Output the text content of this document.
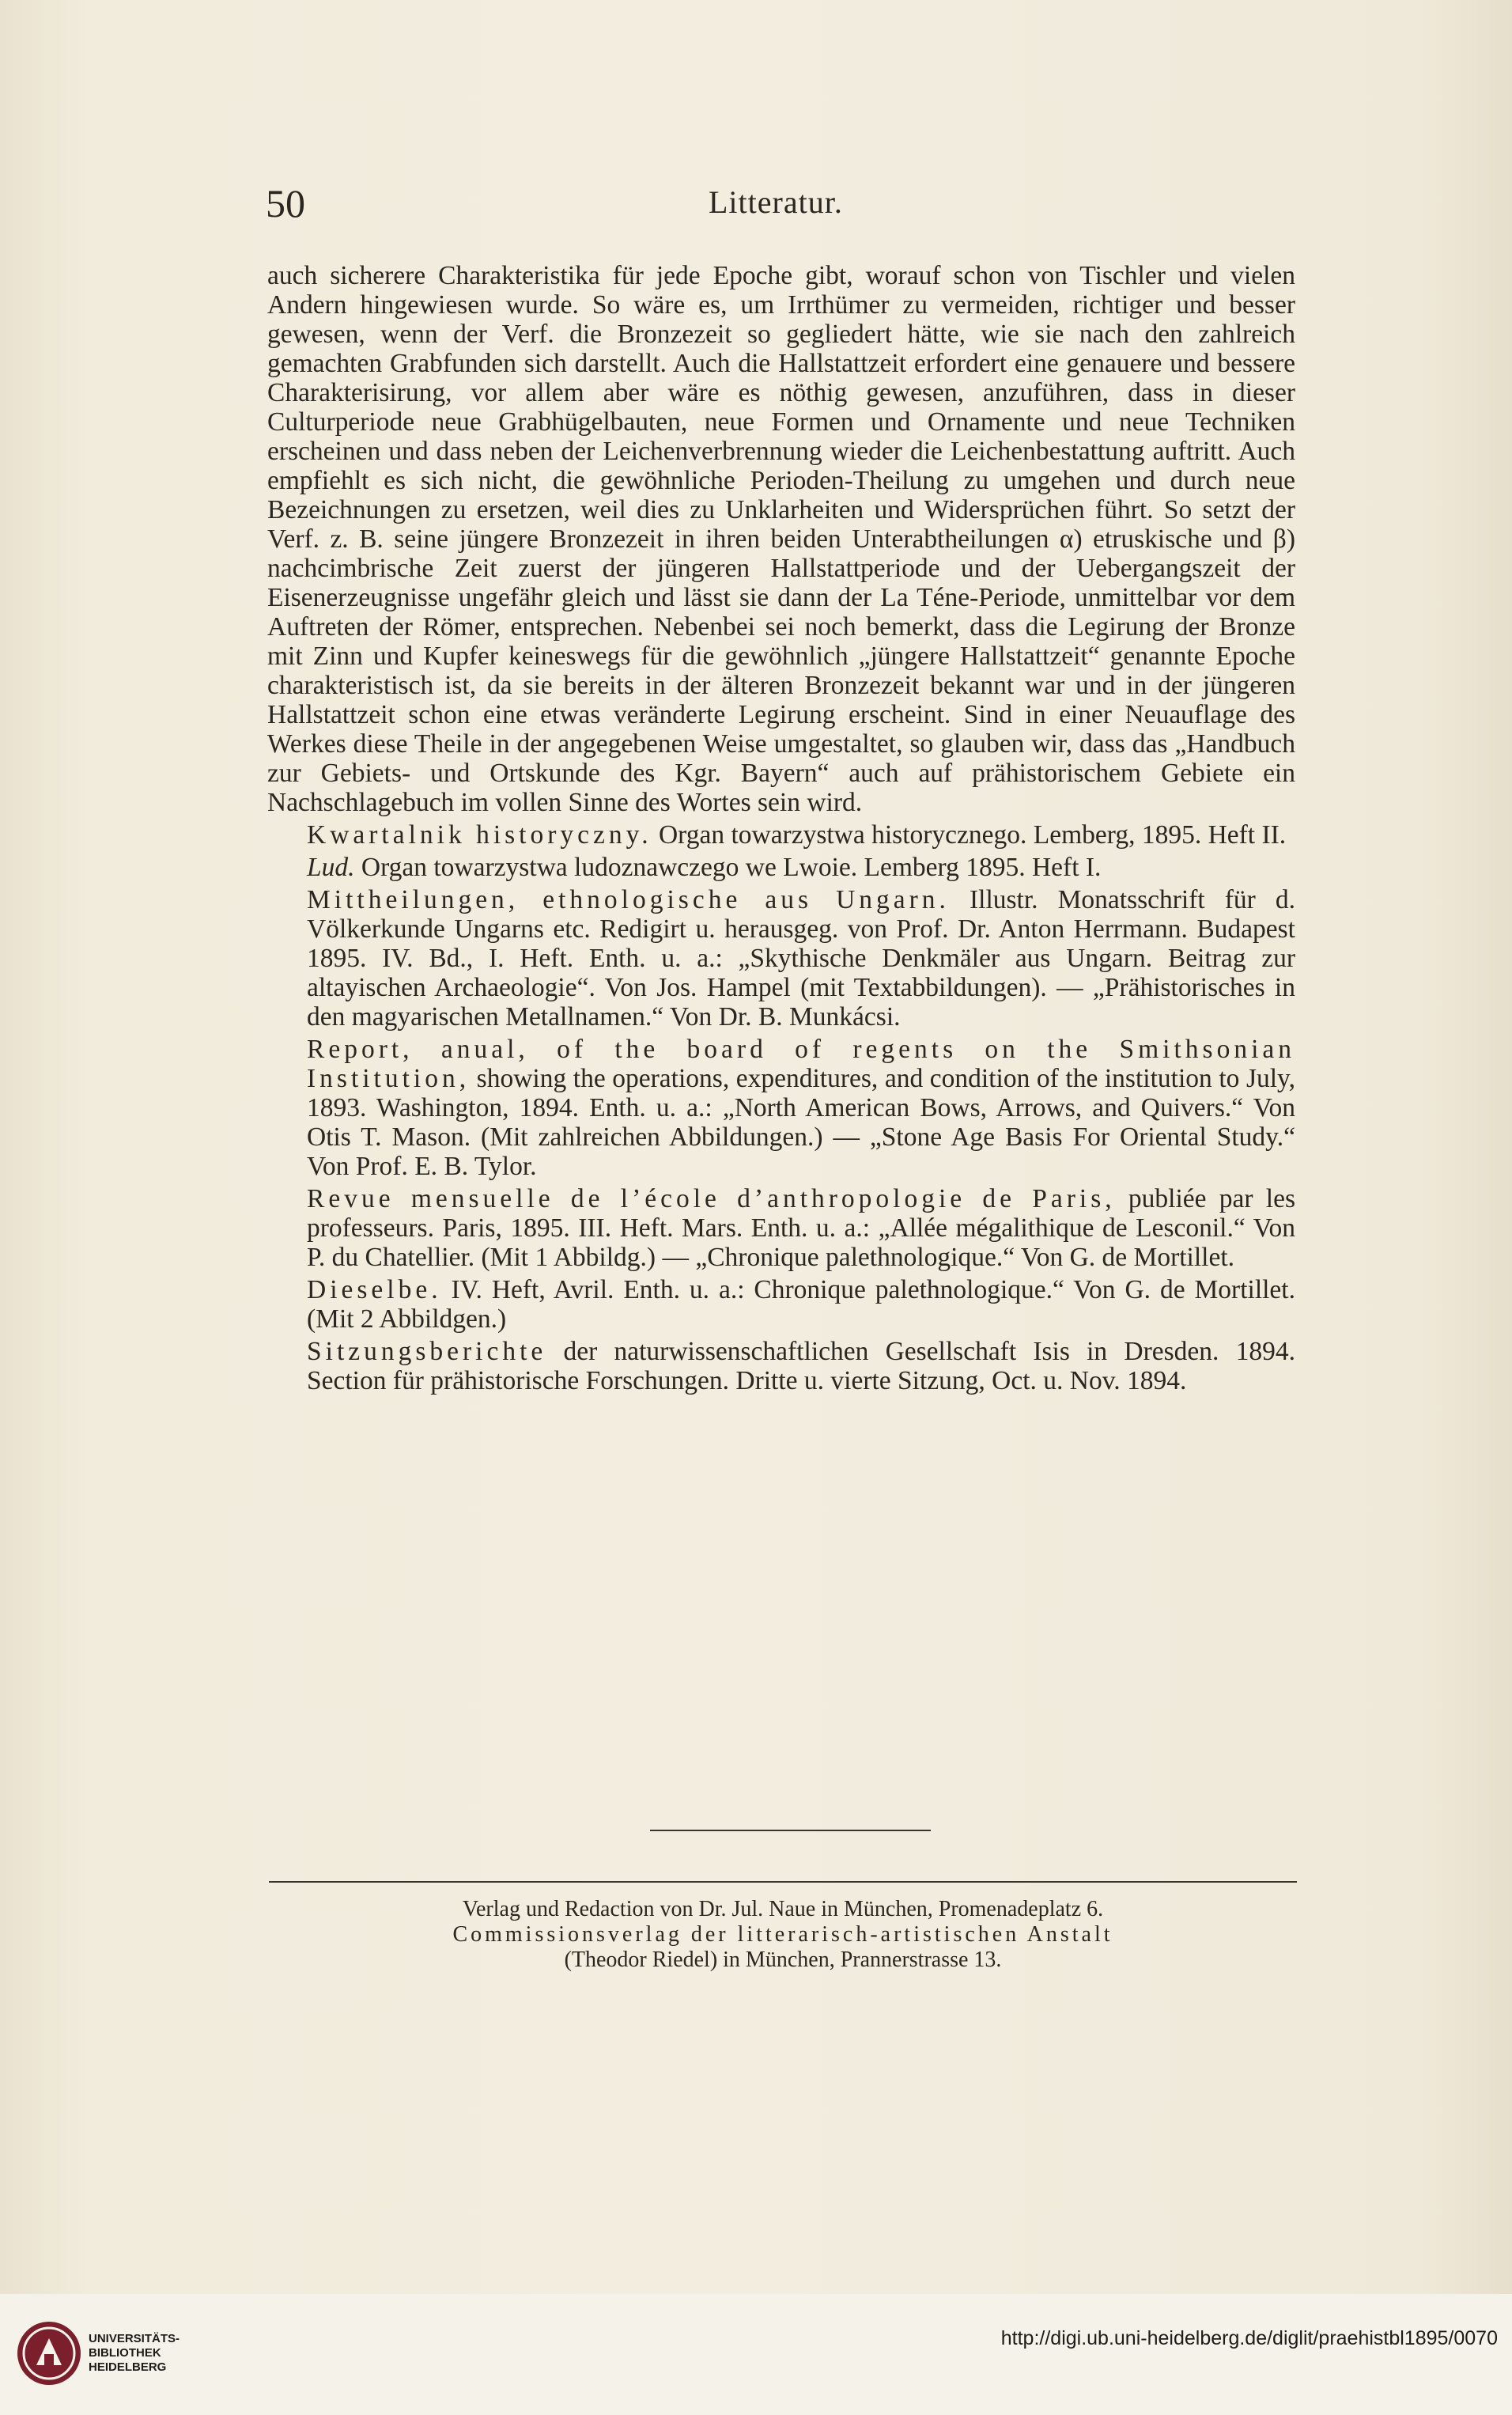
50	Litteratur.

auch sicherere Charakteristika für jede Epoche gibt, worauf schon von Tischler und vielen Andern hingewiesen wurde. So wäre es, um Irrthümer zu vermeiden, richtiger und besser gewesen, wenn der Verf. die Bronzezeit so gegliedert hätte, wie sie nach den zahlreich gemachten Grabfunden sich darstellt. Auch die Hallstattzeit erfordert eine genauere und bessere Charakterisirung, vor allem aber wäre es nöthig gewesen, anzuführen, dass in dieser Culturperiode neue Grabhügelbauten, neue Formen und Ornamente und neue Techniken erscheinen und dass neben der Leichenverbrennung wieder die Leichenbestattung auftritt. Auch empfiehlt es sich nicht, die gewöhnliche Perioden-Theilung zu umgehen und durch neue Bezeichnungen zu ersetzen, weil dies zu Unklarheiten und Widersprüchen führt. So setzt der Verf. z. B. seine jüngere Bronzezeit in ihren beiden Unterabtheilungen α) etruskische und β) nachcimbrische Zeit zuerst der jüngeren Hallstattperiode und der Uebergangszeit der Eisenerzeugnisse ungefähr gleich und lässt sie dann der La Téne-Periode, unmittelbar vor dem Auftreten der Römer, entsprechen. Nebenbei sei noch bemerkt, dass die Legirung der Bronze mit Zinn und Kupfer keineswegs für die gewöhnlich „jüngere Hallstattzeit“ genannte Epoche charakteristisch ist, da sie bereits in der älteren Bronzezeit bekannt war und in der jüngeren Hallstattzeit schon eine etwas veränderte Legirung erscheint. Sind in einer Neuauflage des Werkes diese Theile in der angegebenen Weise umgestaltet, so glauben wir, dass das „Handbuch zur Gebiets- und Ortskunde des Kgr. Bayern“ auch auf prähistorischem Gebiete ein Nachschlagebuch im vollen Sinne des Wortes sein wird.

Kwartalnik historyczny. Organ towarzystwa historycznego. Lemberg, 1895. Heft II.

Lud. Organ towarzystwa ludoznawczego we Lwoie. Lemberg 1895. Heft I.

Mittheilungen, ethnologische aus Ungarn. Illustr. Monatsschrift für d. Völkerkunde Ungarns etc. Redigirt u. herausgeg. von Prof. Dr. Anton Herrmann. Budapest 1895. IV. Bd., I. Heft. Enth. u. a.: „Skythische Denkmäler aus Ungarn. Beitrag zur altayischen Archaeologie“. Von Jos. Hampel (mit Textabbildungen). — „Prähistorisches in den magyarischen Metallnamen.“ Von Dr. B. Munkácsi.

Report, anual, of the board of regents on the Smithsonian Institution, showing the operations, expenditures, and condition of the institution to July, 1893. Washington, 1894. Enth. u. a.: „North American Bows, Arrows, and Quivers.“ Von Otis T. Mason. (Mit zahlreichen Abbildungen.) — „Stone Age Basis For Oriental Study.“ Von Prof. E. B. Tylor.

Revue mensuelle de l’école d’anthropologie de Paris, publiée par les professeurs. Paris, 1895. III. Heft. Mars. Enth. u. a.: „Allée mégalithique de Lesconil.“ Von P. du Chatellier. (Mit 1 Abbildg.) — „Chronique palethnologique.“ Von G. de Mortillet.

Dieselbe. IV. Heft, Avril. Enth. u. a.: Chronique palethnologique.“ Von G. de Mortillet. (Mit 2 Abbildgen.)

Sitzungsberichte der naturwissenschaftlichen Gesellschaft Isis in Dresden. 1894. Section für prähistorische Forschungen. Dritte u. vierte Sitzung, Oct. u. Nov. 1894.

Verlag und Redaction von Dr. Jul. Naue in München, Promenadeplatz 6.
Commissionsverlag der litterarisch-artistischen Anstalt
(Theodor Riedel) in München, Prannerstrasse 13.
UNIVERSITÄTS-
BIBLIOTHEK
HEIDELBERG
http://digi.ub.uni-heidelberg.de/diglit/praehistbl1895/0070
